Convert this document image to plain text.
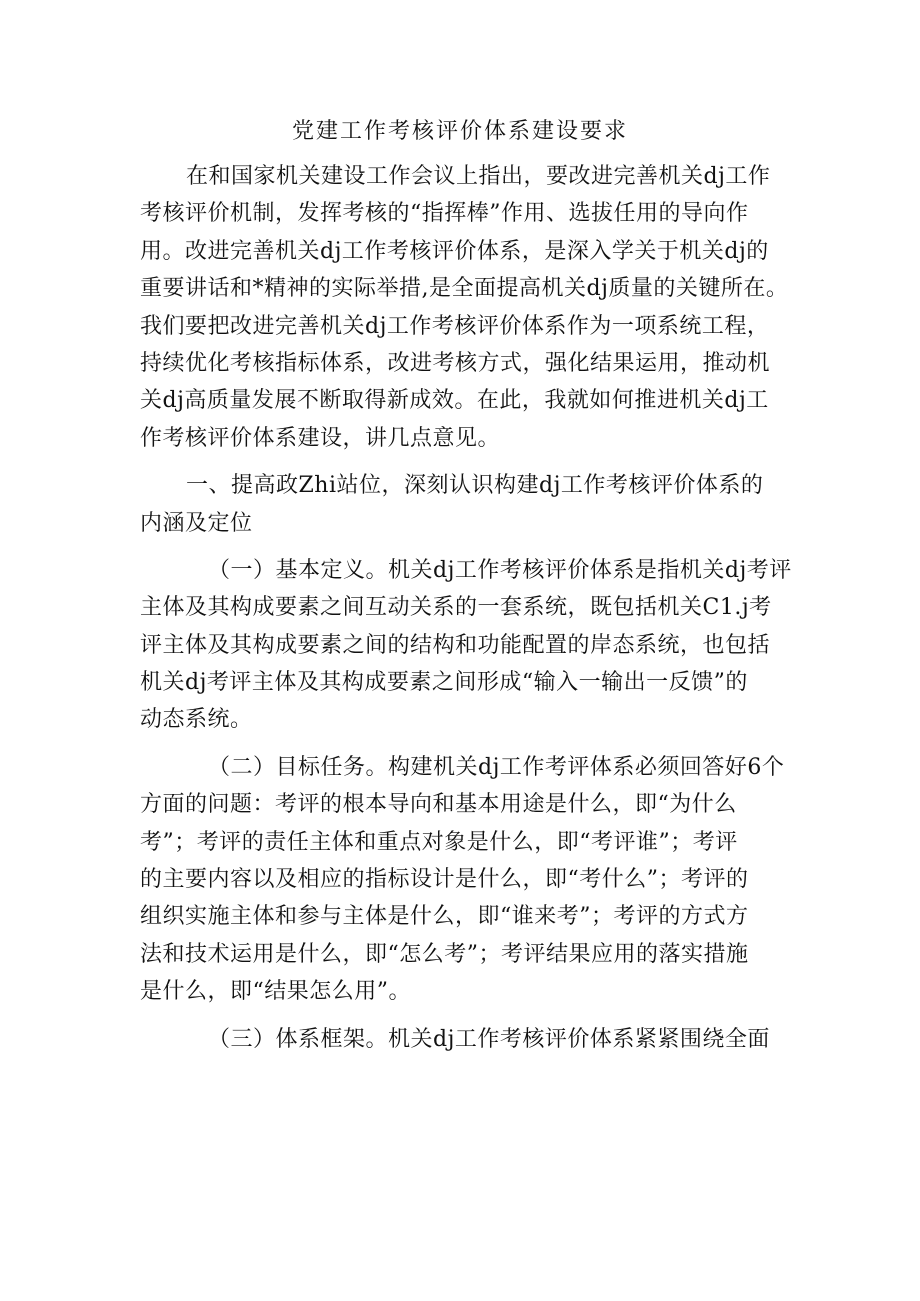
党建工作考核评价体系建设要求
在和国家机关建设工作会议上指出，要改进完善机关dj工作
考核评价机制，发挥考核的“指挥棒”作用、选拔任用的导向作
用。改进完善机关dj工作考核评价体系，是深入学关于机关dj的
重要讲话和*精神的实际举措,是全面提高机关dj质量的关键所在。
我们要把改进完善机关dj工作考核评价体系作为一项系统工程，
持续优化考核指标体系，改进考核方式，强化结果运用，推动机
关dj高质量发展不断取得新成效。在此，我就如何推进机关dj工
作考核评价体系建设，讲几点意见。
一、提高政Zhi站位，深刻认识构建dj工作考核评价体系的
内涵及定位
（一）基本定义。机关dj工作考核评价体系是指机关dj考评
主体及其构成要素之间互动关系的一套系统，既包括机关C1.j考
评主体及其构成要素之间的结构和功能配置的岸态系统，也包括
机关dj考评主体及其构成要素之间形成“输入一输出一反馈”的
动态系统。
（二）目标任务。构建机关dj工作考评体系必须回答好6个
方面的问题：考评的根本导向和基本用途是什么，即“为什么
考”；考评的责任主体和重点对象是什么，即“考评谁”；考评
的主要内容以及相应的指标设计是什么，即“考什么”；考评的
组织实施主体和参与主体是什么，即“谁来考”；考评的方式方
法和技术运用是什么，即“怎么考”；考评结果应用的落实措施
是什么，即“结果怎么用”。
（三）体系框架。机关dj工作考核评价体系紧紧围绕全面
